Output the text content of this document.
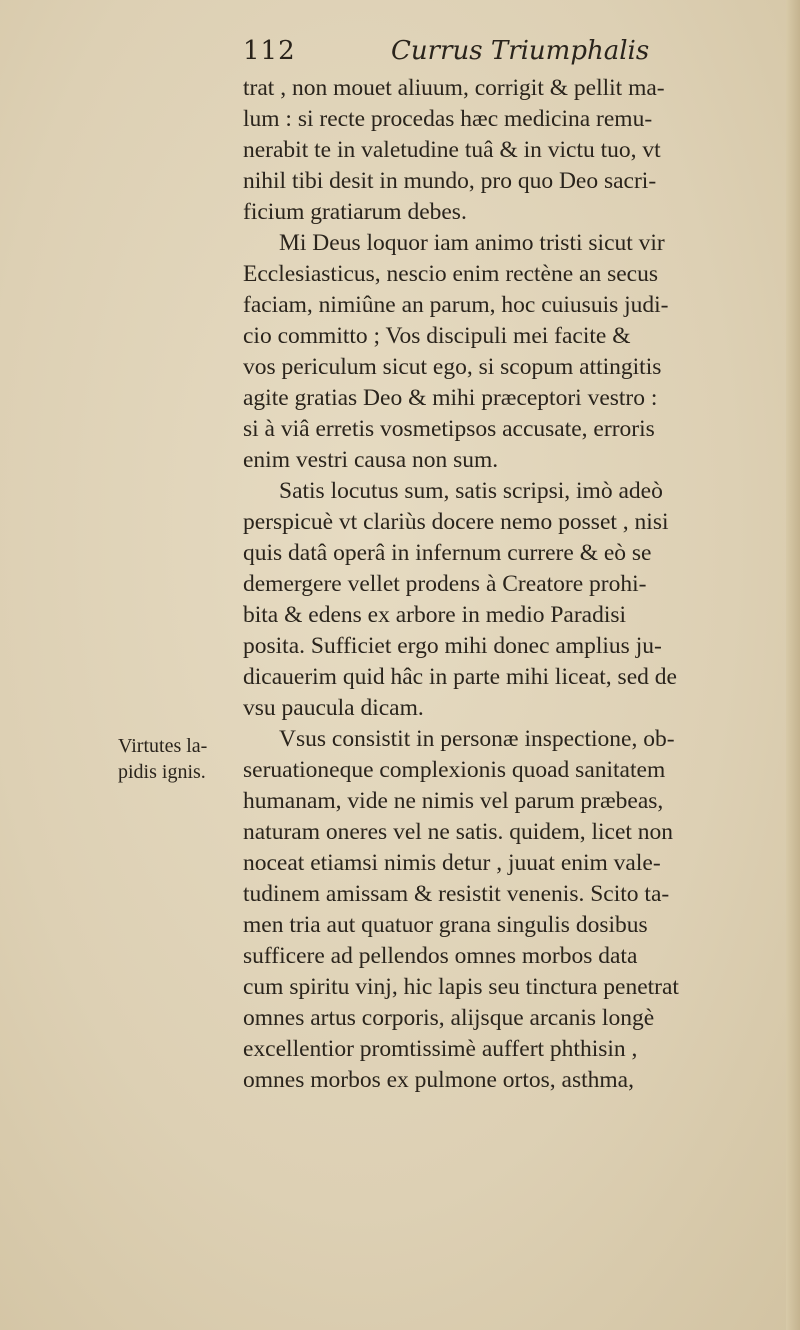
112	Currus Triumphalis
trat , non mouet aliuum, corrigit & pellit ma-
lum : si recte procedas hæc medicina remu-
nerabit te in valetudine tuâ & in victu tuo, vt
nihil tibi desit in mundo, pro quo Deo sacri-
ficium gratiarum debes.
Mi Deus loquor iam animo tristi sicut vir
Ecclesiasticus, nescio enim rectène an secus
faciam, nimiûne an parum, hoc cuiusuis judi-
cio committo ; Vos discipuli mei facite &
vos periculum sicut ego, si scopum attingitis
agite gratias Deo & mihi præceptori vestro :
si à viâ erretis vosmetipsos accusate, erroris
enim vestri causa non sum.
Satis locutus sum, satis scripsi, imò adeò
perspicuè vt clariùs docere nemo posset , nisi
quis datâ operâ in infernum currere & eò se
demergere vellet prodens à Creatore prohi-
bita & edens ex arbore in medio Paradisi
posita. Sufficiet ergo mihi donec amplius ju-
dicauerim quid hâc in parte mihi liceat, sed de
vsu paucula dicam.
Vsus consistit in personæ inspectione, ob-
seruationeque complexionis quoad sanitatem
humanam, vide ne nimis vel parum præbeas,
naturam oneres vel ne satis. quidem, licet non
noceat etiamsi nimis detur , juuat enim vale-
tudinem amissam & resistit venenis. Scito ta-
men tria aut quatuor grana singulis dosibus
sufficere ad pellendos omnes morbos data
cum spiritu vinj, hic lapis seu tinctura penetrat
omnes artus corporis, alijsque arcanis longè
excellentior promtissimè auffert phthisin ,
omnes morbos ex pulmone ortos, asthma,
Virtutes la-
pidis ignis.
